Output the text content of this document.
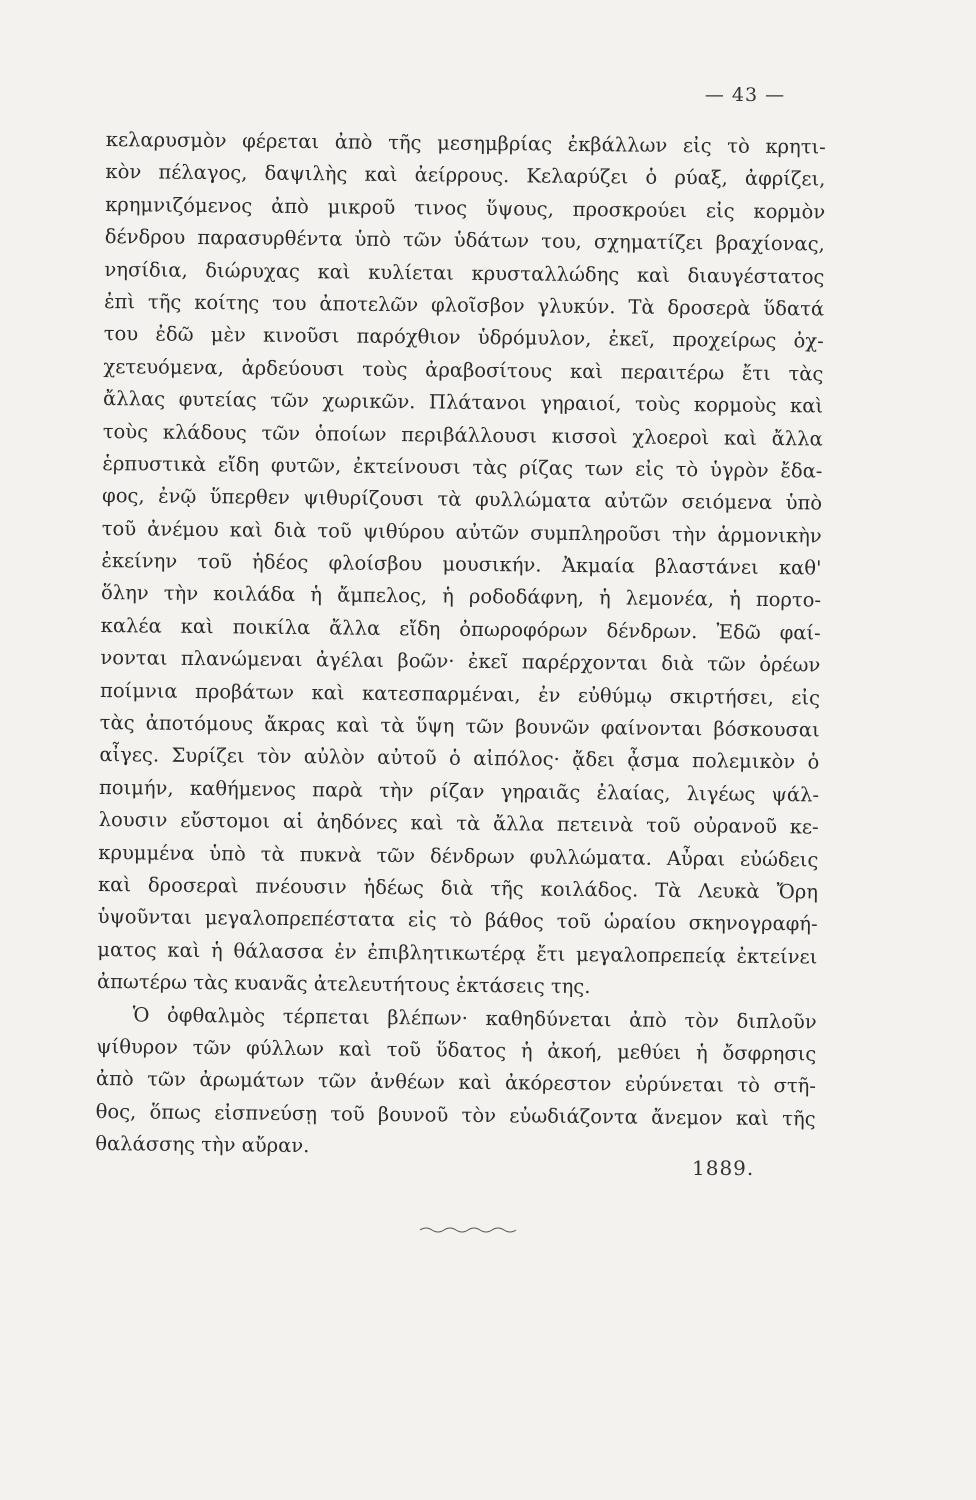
— 43 —
κελαρυσμὸν φέρεται ἀπὸ τῆς μεσημβρίας ἐκβάλλων εἰς τὸ κρητι-
κὸν πέλαγος, δαψιλὴς καὶ ἀείρρους. Κελαρύζει ὁ ρύαξ, ἀφρίζει,
κρημνιζόμενος ἀπὸ μικροῦ τινος ὕψους, προσκρούει εἰς κορμὸν
δένδρου παρασυρθέντα ὑπὸ τῶν ὑδάτων του, σχηματίζει βραχίονας,
νησίδια, διώρυχας καὶ κυλίεται κρυσταλλώδης καὶ διαυγέστατος
ἐπὶ τῆς κοίτης του ἀποτελῶν φλοῖσβον γλυκύν. Τὰ δροσερὰ ὕδατά
του ἐδῶ μὲν κινοῦσι παρόχθιον ὑδρόμυλον, ἐκεῖ, προχείρως ὀχ-
χετευόμενα, ἀρδεύουσι τοὺς ἀραβοσίτους καὶ περαιτέρω ἔτι τὰς
ἄλλας φυτείας τῶν χωρικῶν. Πλάτανοι γηραιοί, τοὺς κορμοὺς καὶ
τοὺς κλάδους τῶν ὁποίων περιβάλλουσι κισσοὶ χλοεροὶ καὶ ἄλλα
ἑρπυστικὰ εἴδη φυτῶν, ἐκτείνουσι τὰς ρίζας των εἰς τὸ ὑγρὸν ἔδα-
φος, ἐνῷ ὕπερθεν ψιθυρίζουσι τὰ φυλλώματα αὐτῶν σειόμενα ὑπὸ
τοῦ ἀνέμου καὶ διὰ τοῦ ψιθύρου αὐτῶν συμπληροῦσι τὴν ἁρμονικὴν
ἐκείνην τοῦ ἡδέος φλοίσβου μουσικήν. Ἀκμαία βλαστάνει καθ'
ὅλην τὴν κοιλάδα ἡ ἄμπελος, ἡ ροδοδάφνη, ἡ λεμονέα, ἡ πορτο-
καλέα καὶ ποικίλα ἄλλα εἴδη ὀπωροφόρων δένδρων. Ἐδῶ φαί-
νονται πλανώμεναι ἀγέλαι βοῶν· ἐκεῖ παρέρχονται διὰ τῶν ὀρέων
ποίμνια προβάτων καὶ κατεσπαρμέναι, ἐν εὐθύμῳ σκιρτήσει, εἰς
τὰς ἀποτόμους ἄκρας καὶ τὰ ὕψη τῶν βουνῶν φαίνονται βόσκουσαι
αἶγες. Συρίζει τὸν αὐλὸν αὐτοῦ ὁ αἰπόλος· ᾄδει ᾆσμα πολεμικὸν ὁ
ποιμήν, καθήμενος παρὰ τὴν ρίζαν γηραιᾶς ἐλαίας, λιγέως ψάλ-
λουσιν εὔστομοι αἱ ἀηδόνες καὶ τὰ ἄλλα πετεινὰ τοῦ οὐρανοῦ κε-
κρυμμένα ὑπὸ τὰ πυκνὰ τῶν δένδρων φυλλώματα. Αὖραι εὐώδεις
καὶ δροσεραὶ πνέουσιν ἡδέως διὰ τῆς κοιλάδος. Τὰ Λευκὰ Ὄρη
ὑψοῦνται μεγαλοπρεπέστατα εἰς τὸ βάθος τοῦ ὡραίου σκηνογραφή-
ματος καὶ ἡ θάλασσα ἐν ἐπιβλητικωτέρᾳ ἔτι μεγαλοπρεπείᾳ ἐκτείνει
ἀπωτέρω τὰς κυανᾶς ἀτελευτήτους ἐκτάσεις της.
Ὁ ὀφθαλμὸς τέρπεται βλέπων· καθηδύνεται ἀπὸ τὸν διπλοῦν
ψίθυρον τῶν φύλλων καὶ τοῦ ὕδατος ἡ ἀκοή, μεθύει ἡ ὄσφρησις
ἀπὸ τῶν ἀρωμάτων τῶν ἀνθέων καὶ ἀκόρεστον εὐρύνεται τὸ στῆ-
θος, ὅπως εἰσπνεύσῃ τοῦ βουνοῦ τὸν εὐωδιάζοντα ἄνεμον καὶ τῆς
θαλάσσης τὴν αὔραν.
1889.
